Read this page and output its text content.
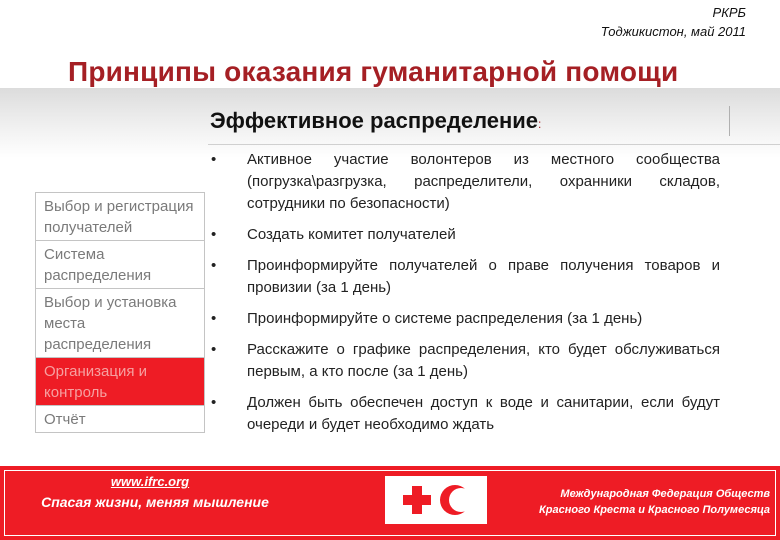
РКРБ
Тоджикистон, май 2011
Принципы оказания гуманитарной помощи
Эффективное распределение:
Выбор и регистрация получателей
Система распределения
Выбор и установка места распределения
Организация и контроль
Отчёт
•	Активное участие волонтеров из местного сообщества (погрузка\разгрузка, распределители, охранники складов, сотрудники по безопасности)
•	Создать комитет получателей
•	Проинформируйте получателей о праве получения товаров и провизии (за 1 день)
•	Проинформируйте о системе распределения (за 1 день)
•	Расскажите о графике распределения, кто будет обслуживаться первым, а кто после (за 1 день)
•	Должен быть обеспечен доступ к воде и санитарии, если будут очереди и будет необходимо ждать
www.ifrc.org
Спасая жизни, меняя мышление	Международная Федерация Обществ
Красного Креста и Красного Полумесяца
